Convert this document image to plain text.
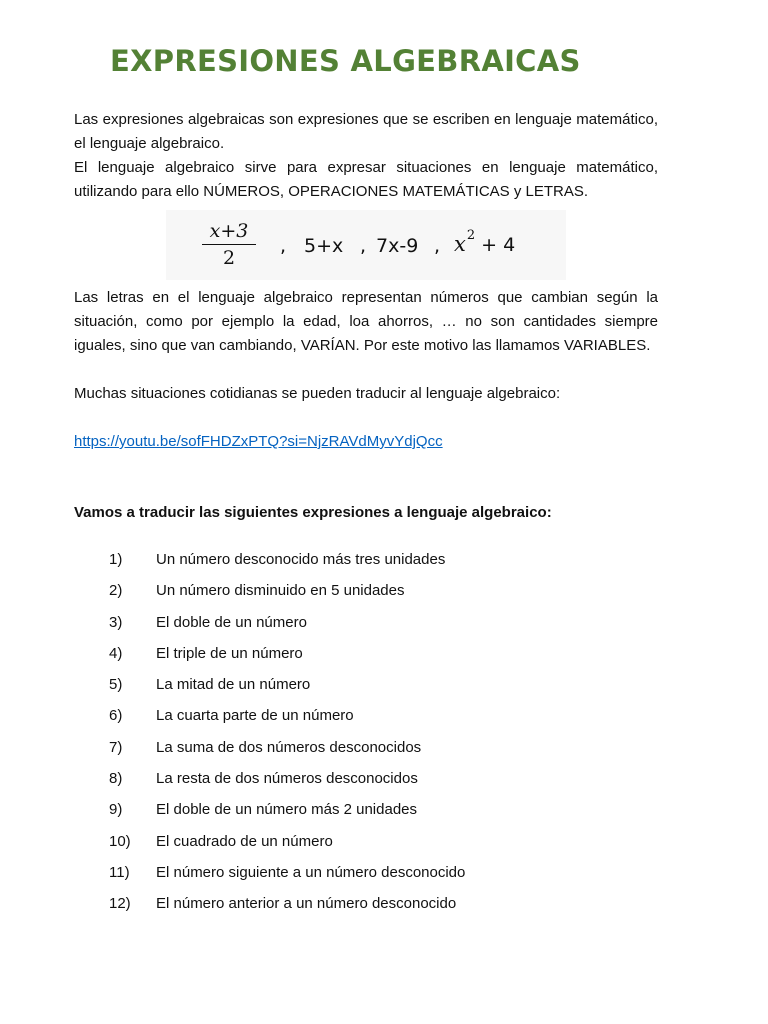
EXPRESIONES ALGEBRAICAS

Las expresiones algebraicas son expresiones que se escriben en lenguaje matemático, el lenguaje algebraico.

El lenguaje algebraico sirve para expresar situaciones en lenguaje matemático, utilizando para ello NÚMEROS, OPERACIONES MATEMÁTICAS y LETRAS.

x+3
2
, 5+x , 7x-9 , $x^2 + 4$

Las letras en el lenguaje algebraico representan números que cambian según la situación, como por ejemplo la edad, loa ahorros, … no son cantidades siempre iguales, sino que van cambiando, VARÍAN. Por este motivo las llamamos VARIABLES.

Muchas situaciones cotidianas se pueden traducir al lenguaje algebraico:

https://youtu.be/sofFHDZxPTQ?si=NjzRAVdMyvYdjQcc

Vamos a traducir las siguientes expresiones a lenguaje algebraico:

1) Un número desconocido más tres unidades
2) Un número disminuido en 5 unidades
3) El doble de un número
4) El triple de un número
5) La mitad de un número
6) La cuarta parte de un número
7) La suma de dos números desconocidos
8) La resta de dos números desconocidos
9) El doble de un número más 2 unidades
10) El cuadrado de un número
11) El número siguiente a un número desconocido
12) El número anterior a un número desconocido
